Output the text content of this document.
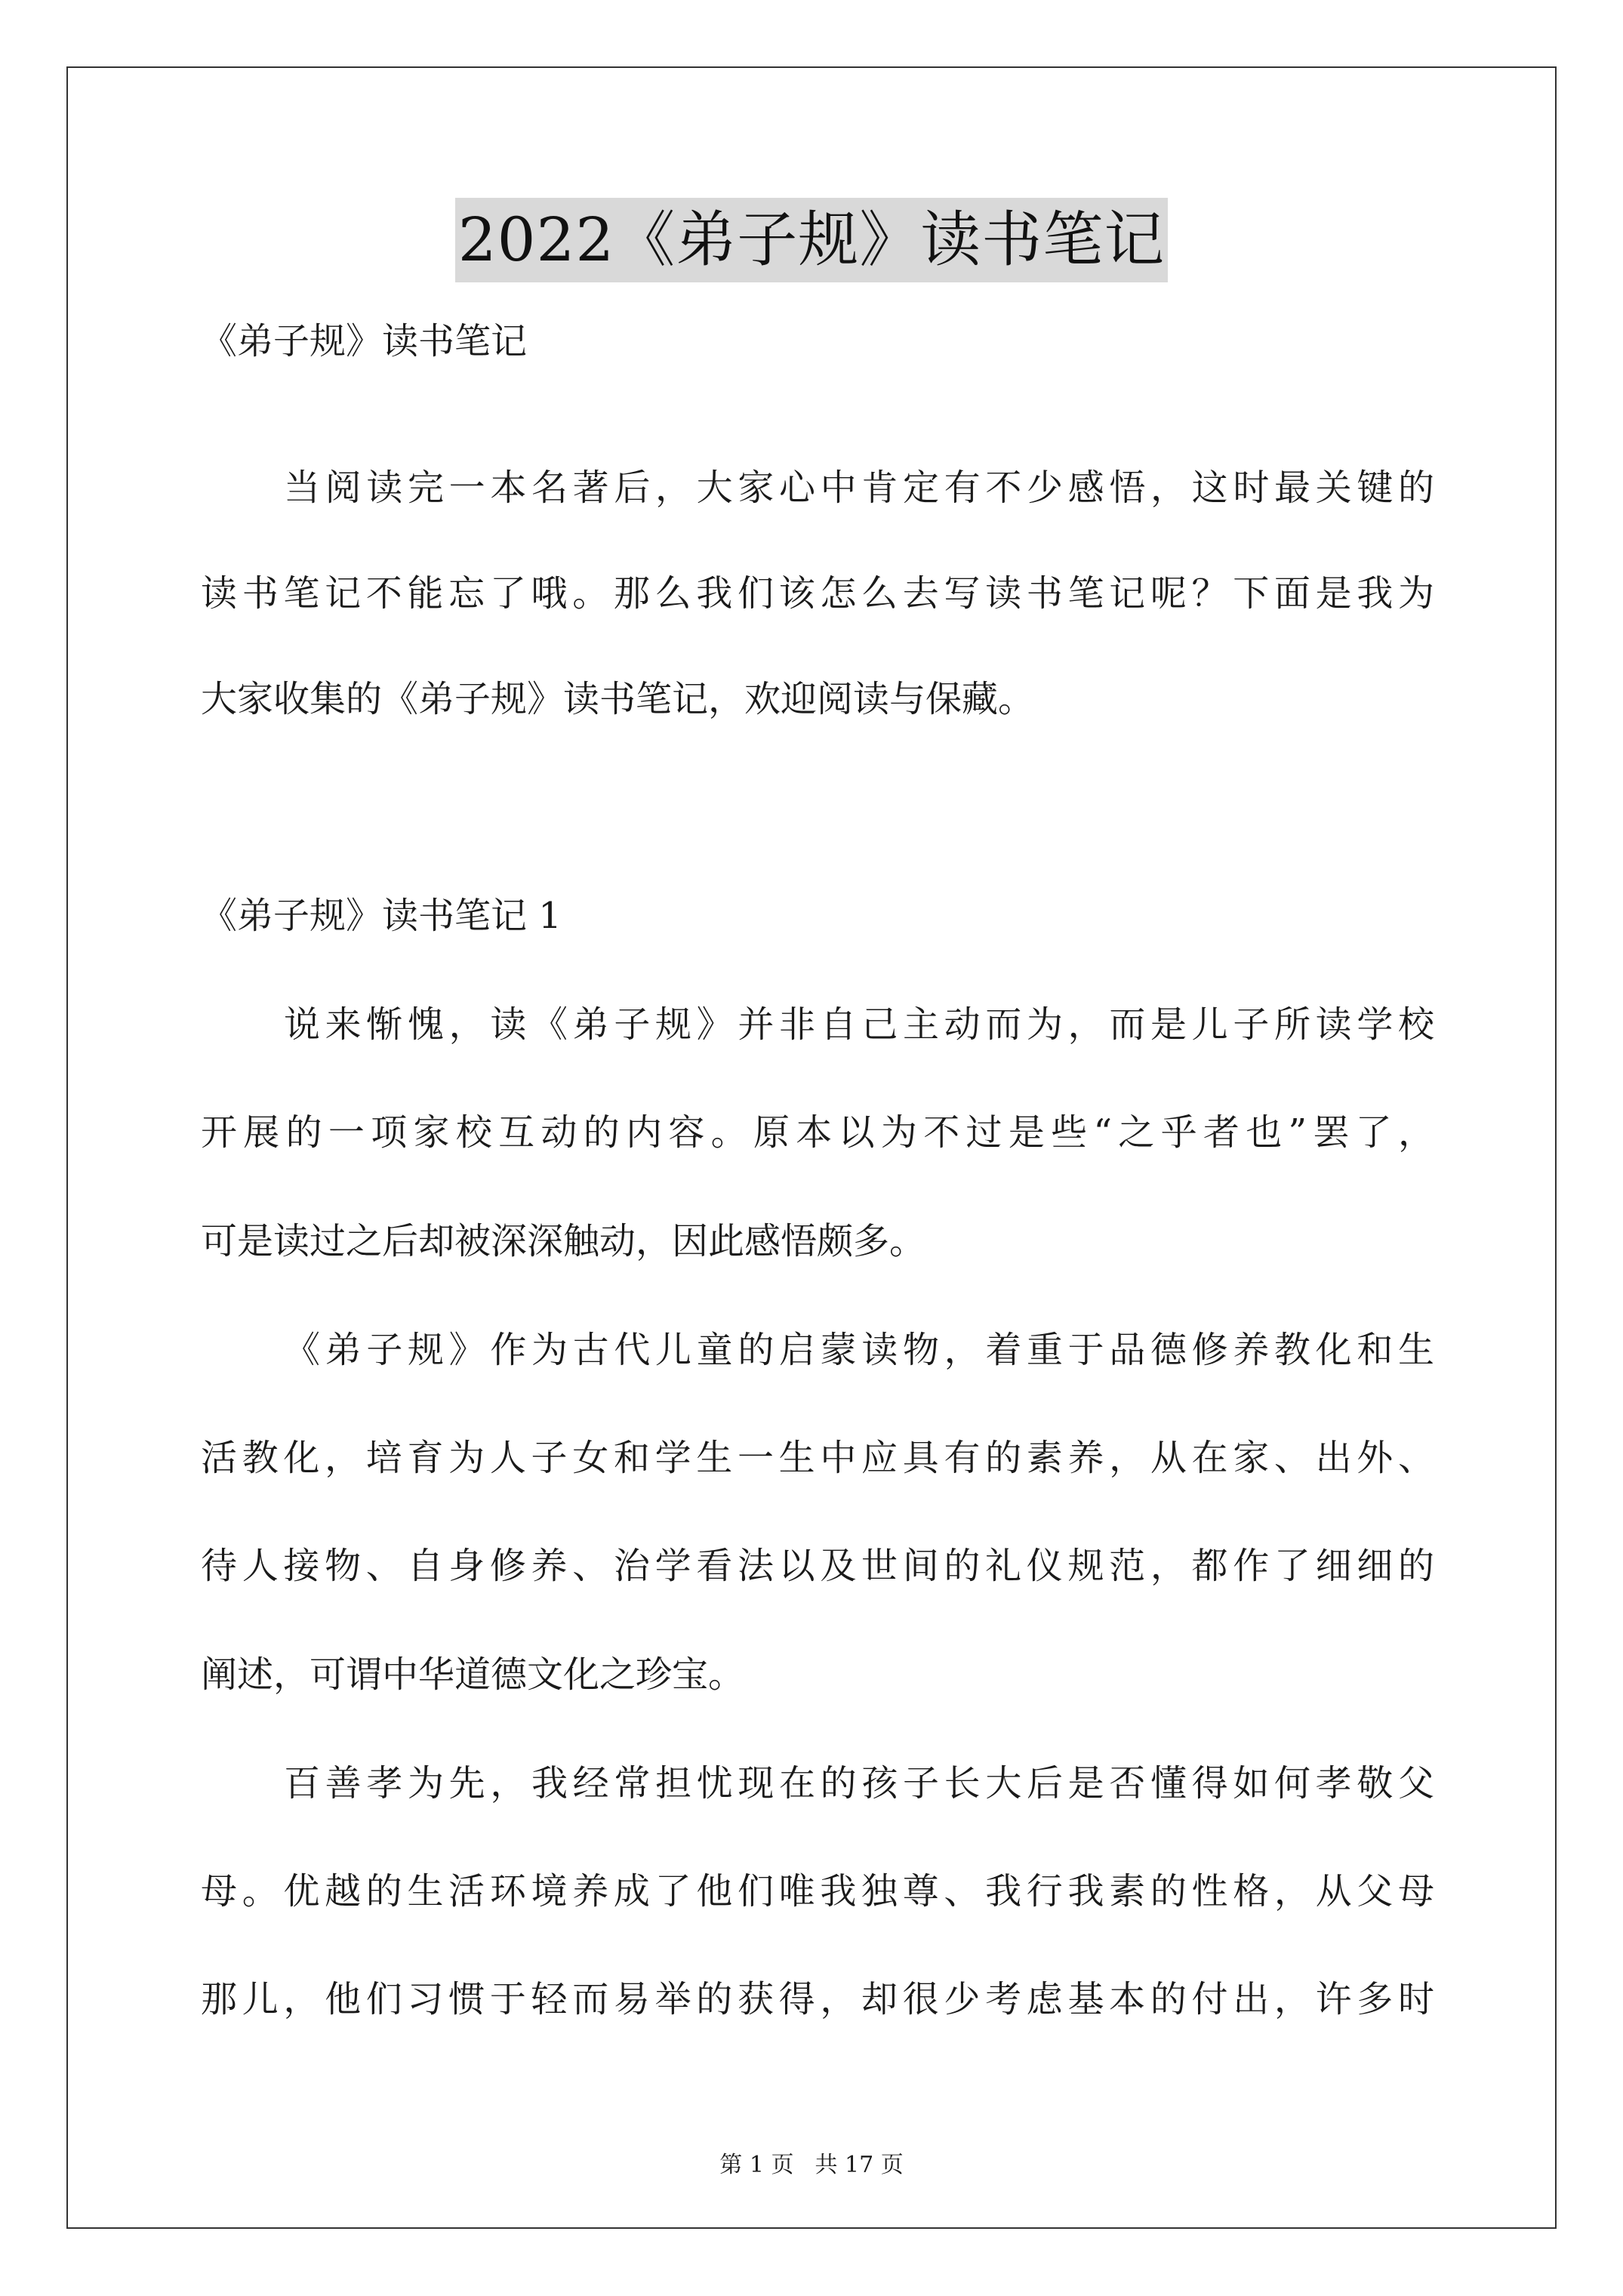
2022《弟子规》读书笔记
《弟子规》读书笔记
当阅读完一本名著后，大家心中肯定有不少感悟，这时最关键的
读书笔记不能忘了哦。那么我们该怎么去写读书笔记呢？下面是我为
大家收集的《弟子规》读书笔记，欢迎阅读与保藏。
《弟子规》读书笔记 1
说来惭愧，读《弟子规》并非自己主动而为，而是儿子所读学校
开展的一项家校互动的内容。原本以为不过是些“之乎者也”罢了，
可是读过之后却被深深触动，因此感悟颇多。
《弟子规》作为古代儿童的启蒙读物，着重于品德修养教化和生
活教化，培育为人子女和学生一生中应具有的素养，从在家、出外、
待人接物、自身修养、治学看法以及世间的礼仪规范，都作了细细的
阐述，可谓中华道德文化之珍宝。
百善孝为先，我经常担忧现在的孩子长大后是否懂得如何孝敬父
母。优越的生活环境养成了他们唯我独尊、我行我素的性格，从父母
那儿，他们习惯于轻而易举的获得，却很少考虑基本的付出，许多时
第 1 页 共 17 页
